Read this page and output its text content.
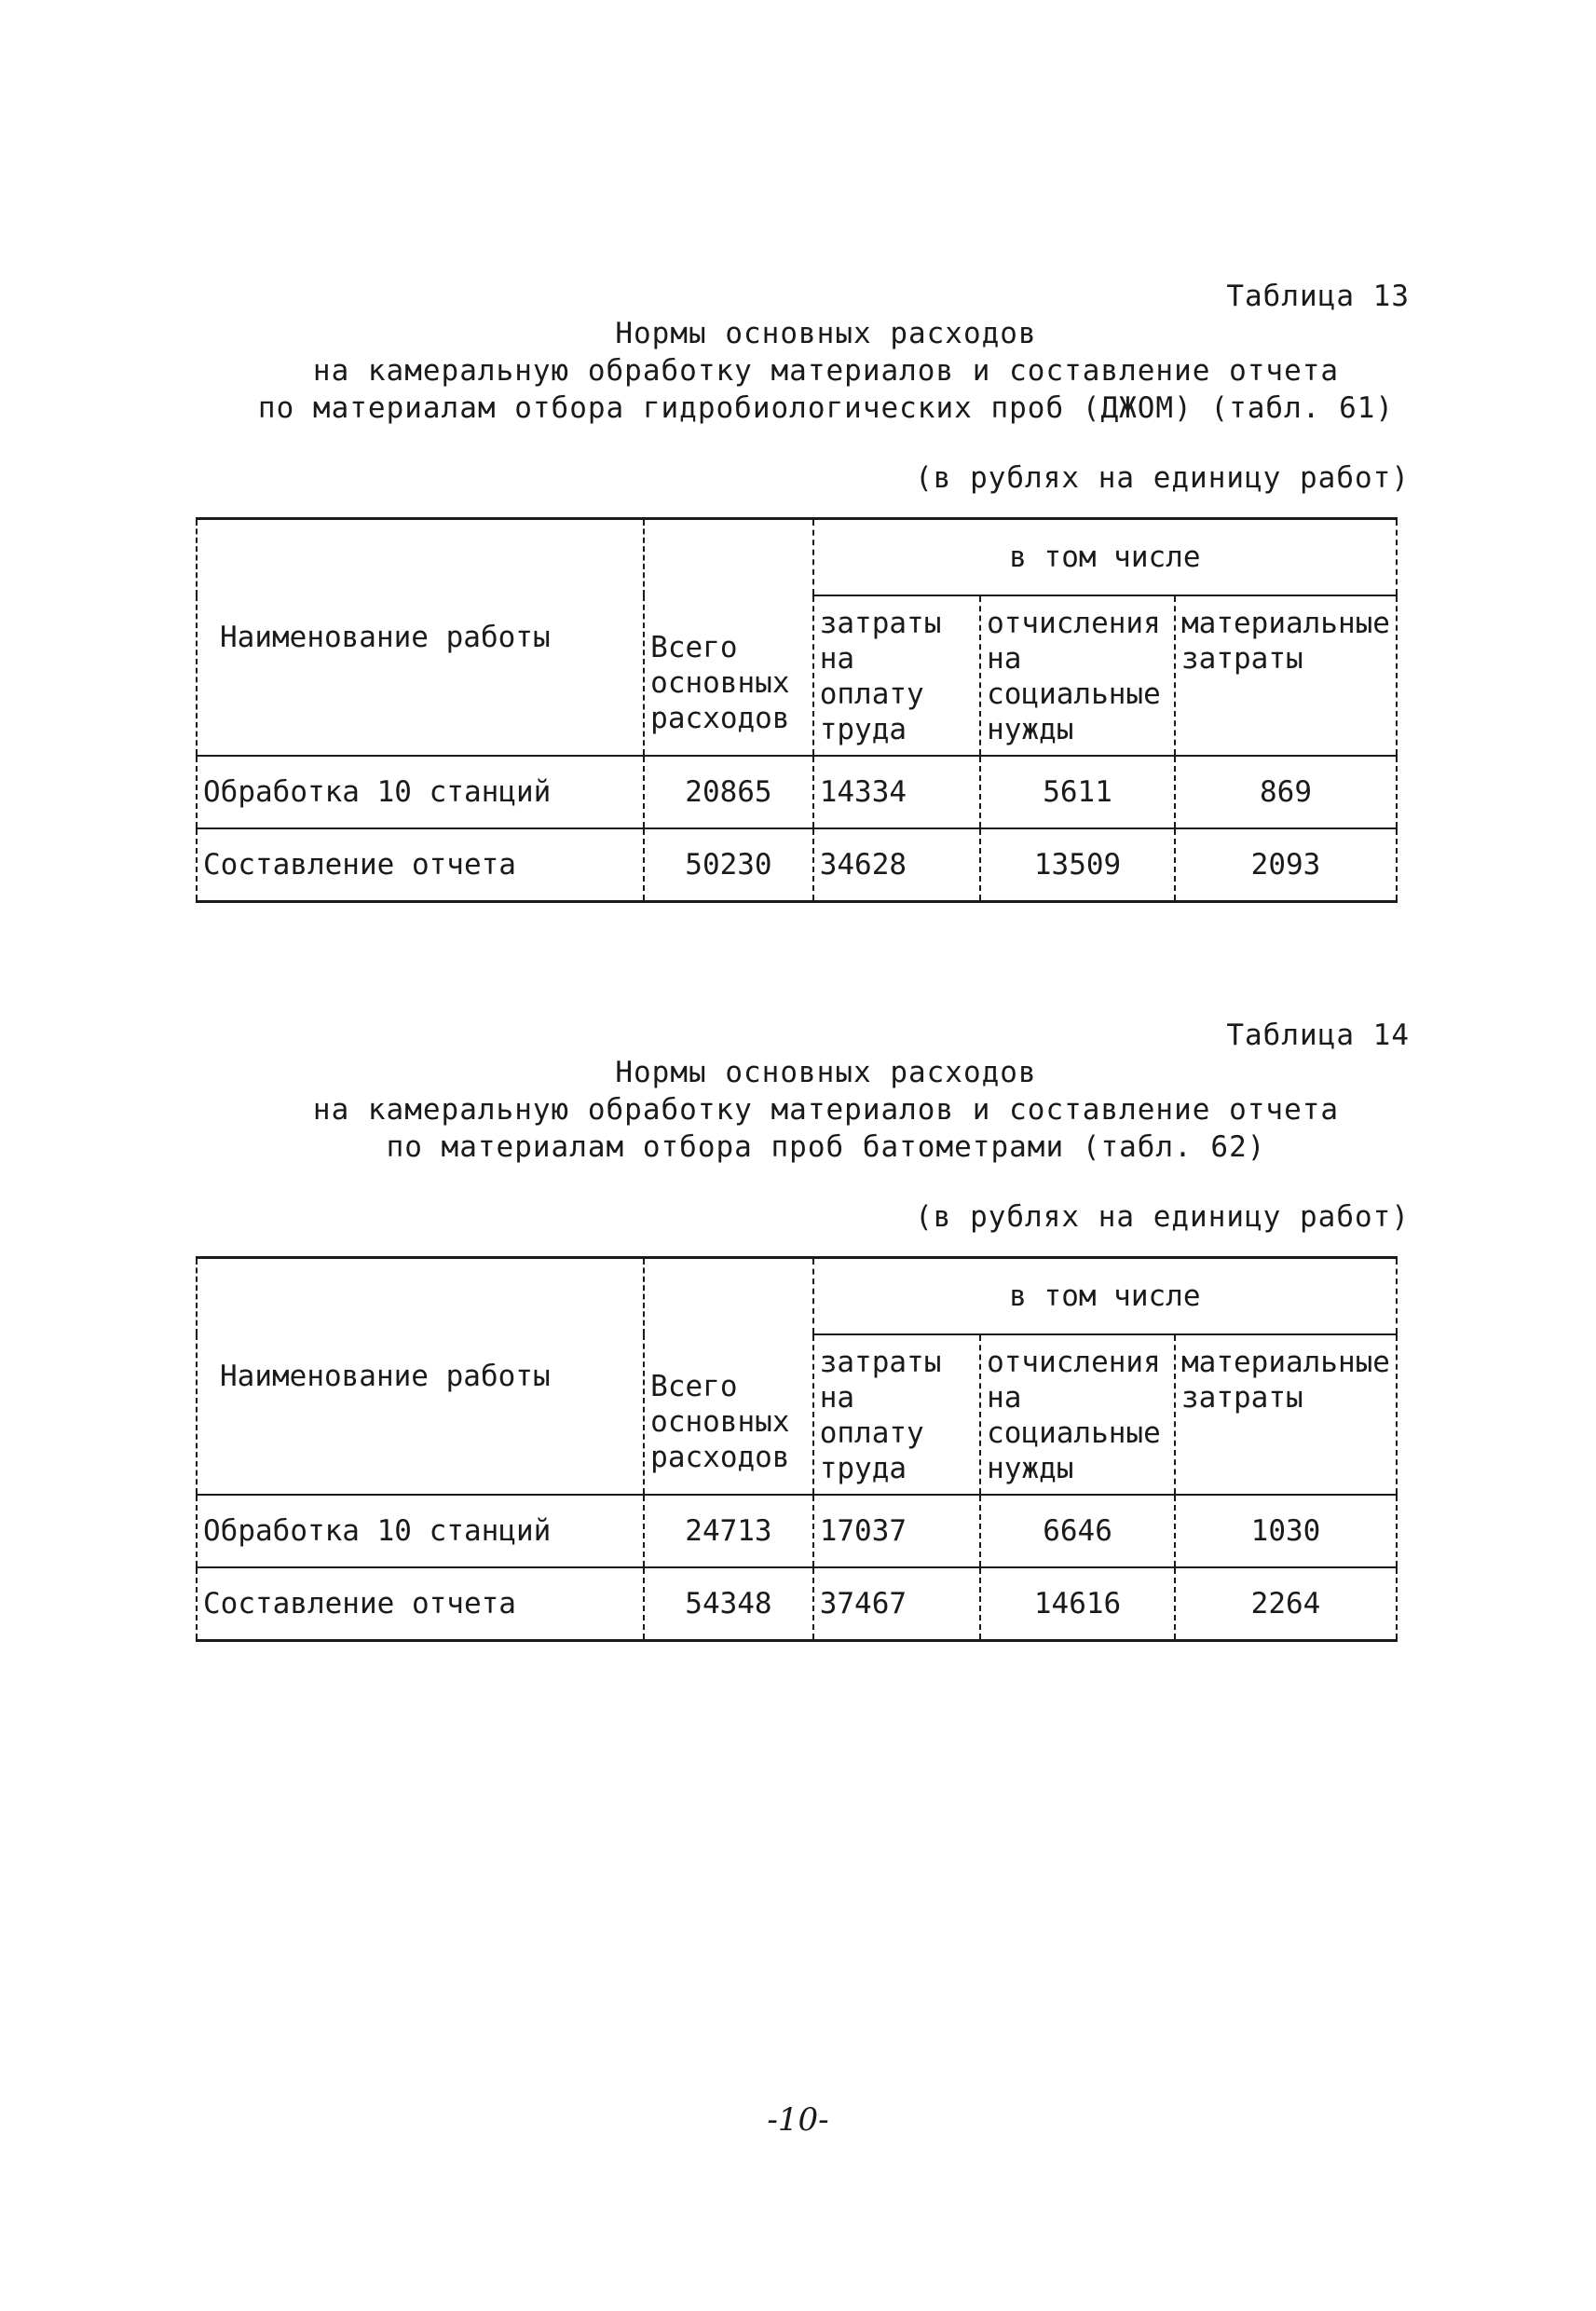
Таблица 13
Нормы основных расходов
на камеральную обработку материалов и составление отчета
по материалам отбора гидробиологических проб (ДЖОМ) (табл. 61)
(в рублях на единицу работ)
Наименование работы	Всего основных расходов	в том числе		
		затраты на оплату труда	отчисления на социальные нужды	материальные затраты
Обработка 10 станций	20865	14334	5611	869
Составление отчета	50230	34628	13509	2093
Таблица 14
Нормы основных расходов
на камеральную обработку материалов и составление отчета
по материалам отбора проб батометрами (табл. 62)
(в рублях на единицу работ)
Наименование работы	Всего основных расходов	в том числе		
		затраты на оплату труда	отчисления на социальные нужды	материальные затраты
Обработка 10 станций	24713	17037	6646	1030
Составление отчета	54348	37467	14616	2264
-10-
